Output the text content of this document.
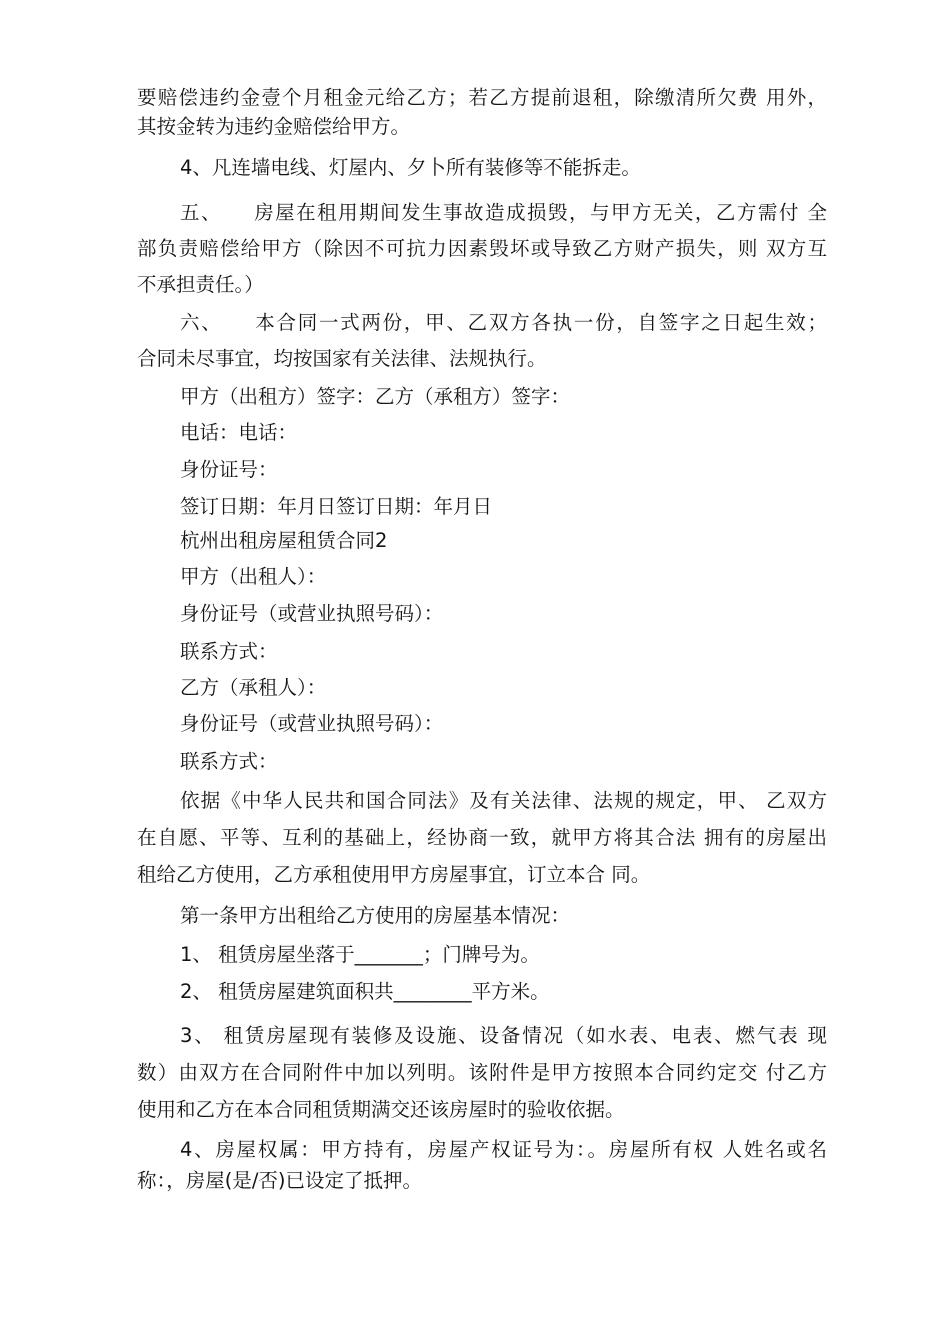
要赔偿违约金壹个月租金元给乙方；若乙方提前退租，除缴清所欠费 用外，
其按金转为违约金赔偿给甲方。
4、凡连墙电线、灯屋内、夕卜所有装修等不能拆走。
五、　　房屋在租用期间发生事故造成损毁，与甲方无关，乙方需付 全
部负责赔偿给甲方（除因不可抗力因素毁坏或导致乙方财产损失，则 双方互
不承担责任。）
六、　　本合同一式两份，甲、乙双方各执一份，自签字之日起生效；
合同未尽事宜，均按国家有关法律、法规执行。
甲方（出租方）签字：乙方（承租方）签字：
电话：电话：
身份证号：
签订日期：年月日签订日期：年月日
杭州出租房屋租赁合同2
甲方（出租人）：
身份证号（或营业执照号码）：
联系方式：
乙方（承租人）：
身份证号（或营业执照号码）：
联系方式：
依据《中华人民共和国合同法》及有关法律、法规的规定，甲、 乙双方
在自愿、平等、互利的基础上，经协商一致，就甲方将其合法 拥有的房屋出
租给乙方使用，乙方承租使用甲方房屋事宜，订立本合 同。
第一条甲方出租给乙方使用的房屋基本情况：
1、 租赁房屋坐落于_______；门牌号为。
2、 租赁房屋建筑面积共________平方米。
3、 租赁房屋现有装修及设施、设备情况（如水表、电表、燃气表 现
数）由双方在合同附件中加以列明。该附件是甲方按照本合同约定交 付乙方
使用和乙方在本合同租赁期满交还该房屋时的验收依据。
4、房屋权属：甲方持有，房屋产权证号为：。房屋所有权 人姓名或名
称：，房屋(是/否)已设定了抵押。
